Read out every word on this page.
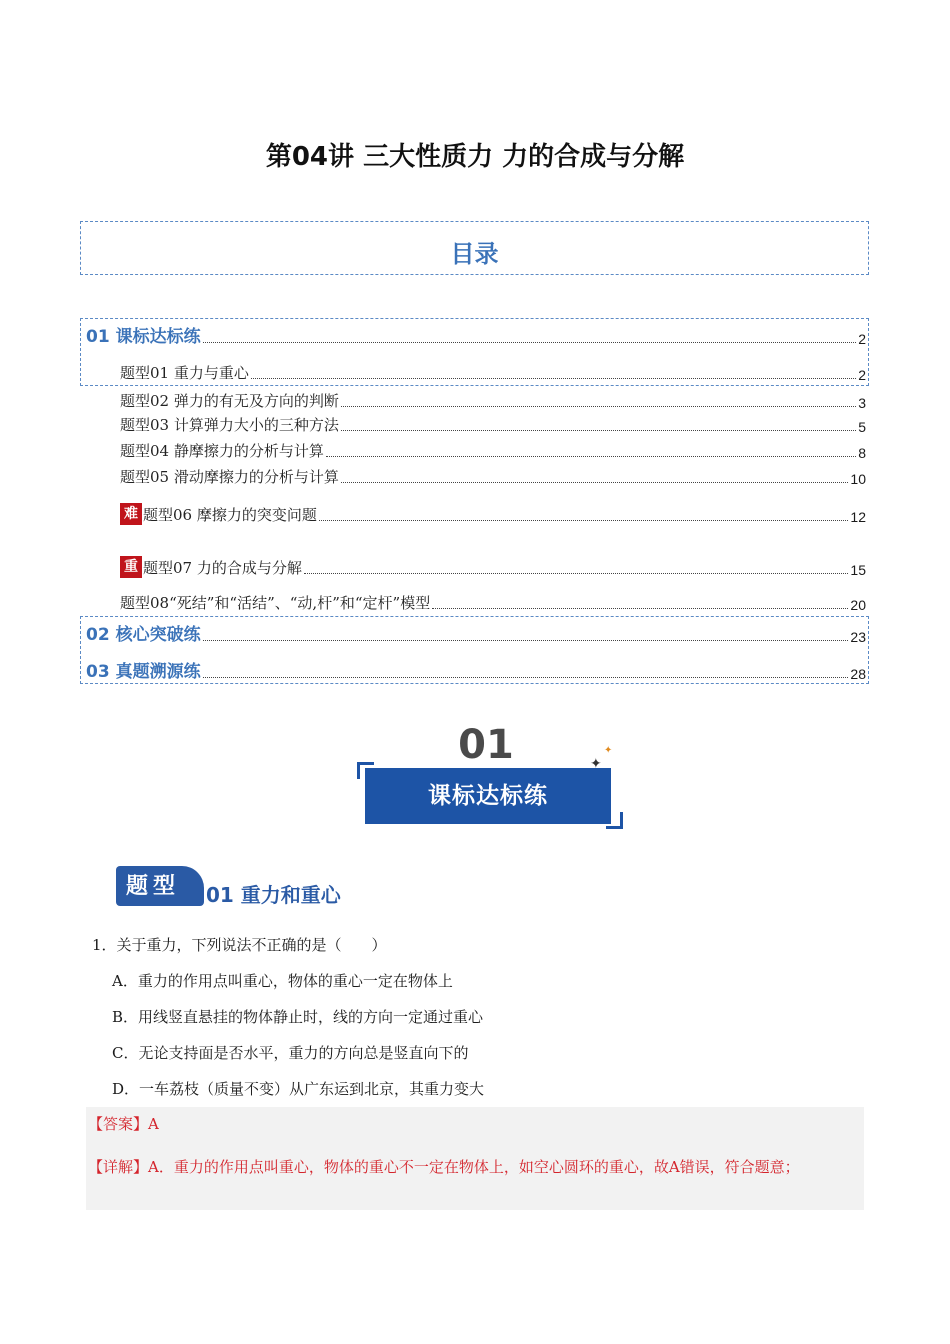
第04讲 三大性质力 力的合成与分解
目录
01 课标达标练	2
题型01 重力与重心	2
题型02 弹力的有无及方向的判断	3
题型03 计算弹力大小的三种方法	5
题型04 静摩擦力的分析与计算	8
题型05 滑动摩擦力的分析与计算	10
难 题型06 摩擦力的突变问题	12
重 题型07 力的合成与分解	15
题型08“死结”和“活结”、“动,杆”和“定杆”模型	20
02 核心突破练	23
03 真题溯源练	28
01
课标达标练
✦
✦
题型	01 重力和重心
1．关于重力，下列说法不正确的是（　　）
A．重力的作用点叫重心，物体的重心一定在物体上
B．用线竖直悬挂的物体静止时，线的方向一定通过重心
C．无论支持面是否水平，重力的方向总是竖直向下的
D．一车荔枝（质量不变）从广东运到北京，其重力变大
【答案】A
【详解】A．重力的作用点叫重心，物体的重心不一定在物体上，如空心圆环的重心，故A错误，符合题意；
